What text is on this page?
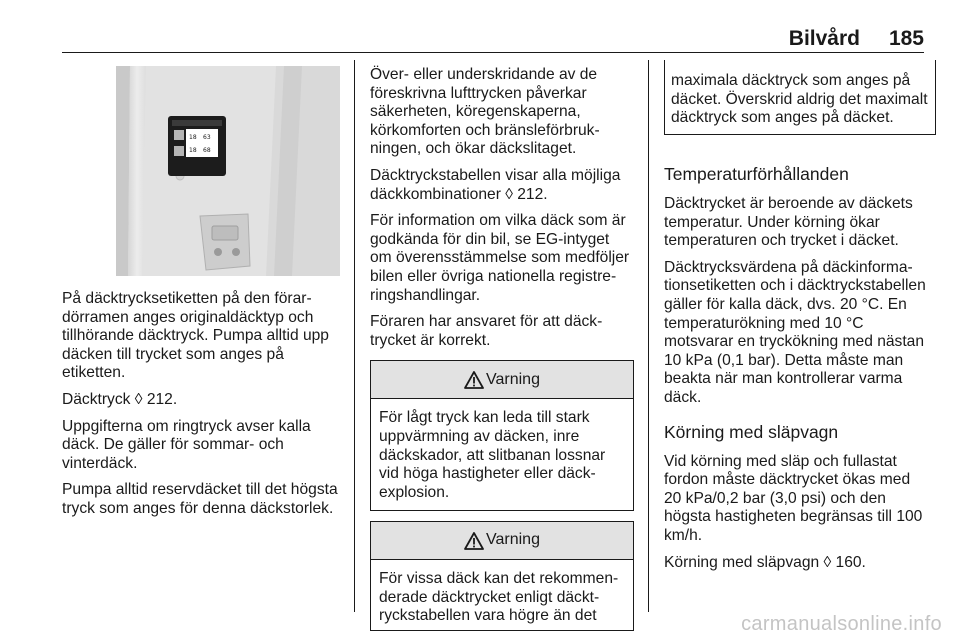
Bilvård 185
18 63
18 68

På däcktrycksetiketten på den förardörramen anges originaldäcktyp och tillhörande däcktryck. Pumpa alltid upp däcken till trycket som anges på etiketten.

Däcktryck ◊ 212.

Uppgifterna om ringtryck avser kalla däck. De gäller för sommar- och vinterdäck.

Pumpa alltid reservdäcket till det högsta tryck som anges för denna däckstorlek.

Över- eller underskridande av de föreskrivna lufttrycken påverkar säkerheten, köregenskaperna, körkomforten och bränsleförbrukningen, och ökar däckslitaget.

Däcktryckstabellen visar alla möjliga däckkombinationer ◊ 212.

För information om vilka däck som är godkända för din bil, se EG-intyget om överensstämmelse som medföljer bilen eller övriga nationella registreringshandlingar.

Föraren har ansvaret för att däcktrycket är korrekt.

Varning
För lågt tryck kan leda till stark uppvärmning av däcken, inre däckskador, att slitbanan lossnar vid höga hastigheter eller däckexplosion.
Varning
För vissa däck kan det rekommenderade däcktrycket enligt däcktryckstabellen vara högre än det
maximala däcktryck som anges på däcket. Överskrid aldrig det maximalt däcktryck som anges på däcket.
Temperaturförhållanden

Däcktrycket är beroende av däckets temperatur. Under körning ökar temperaturen och trycket i däcket.

Däcktrycksvärdena på däckinformationsetiketten och i däcktryckstabellen gäller för kalla däck, dvs. 20 °C. En temperaturökning med 10 °C motsvarar en tryckökning med nästan 10 kPa (0,1 bar). Detta måste man beakta när man kontrollerar varma däck.

Körning med släpvagn

Vid körning med släp och fullastat fordon måste däcktrycket ökas med 20 kPa/0,2 bar (3,0 psi) och den högsta hastigheten begränsas till 100 km/h.

Körning med släpvagn ◊ 160.

carmanualsonline.info
